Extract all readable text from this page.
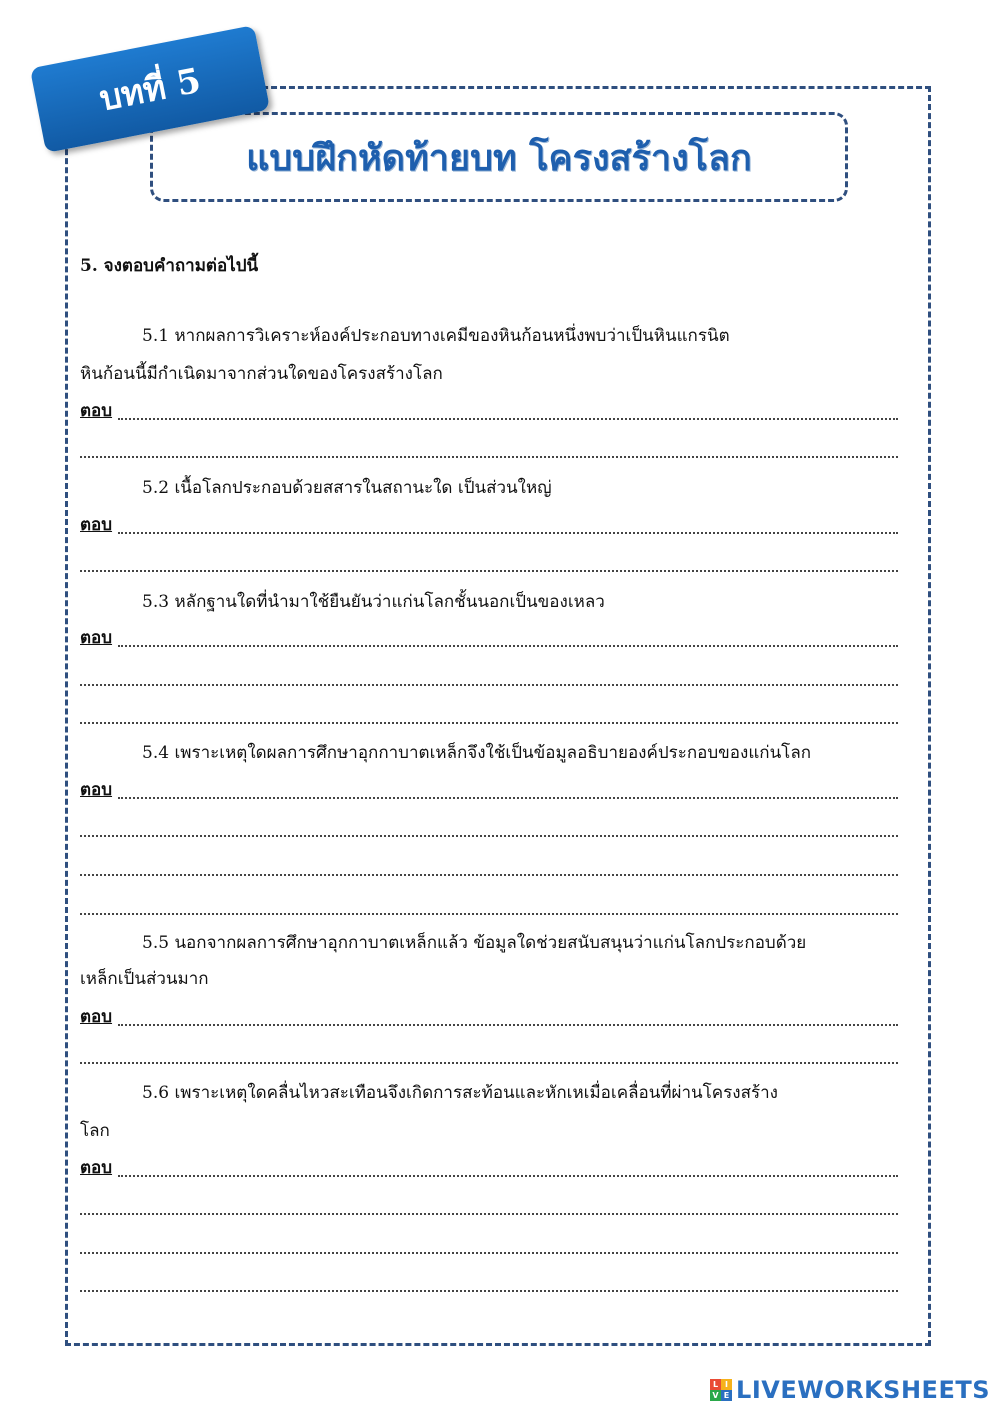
แบบฝึกหัดท้ายบท โครงสร้างโลก
บทที่ 5
5. จงตอบคำถามต่อไปนี้
5.1 หากผลการวิเคราะห์องค์ประกอบทางเคมีของหินก้อนหนึ่งพบว่าเป็นหินแกรนิต
หินก้อนนี้มีกำเนิดมาจากส่วนใดของโครงสร้างโลก
ตอบ
5.2 เนื้อโลกประกอบด้วยสสารในสถานะใด เป็นส่วนใหญ่
ตอบ
5.3 หลักฐานใดที่นำมาใช้ยืนยันว่าแก่นโลกชั้นนอกเป็นของเหลว
ตอบ
5.4 เพราะเหตุใดผลการศึกษาอุกกาบาตเหล็กจึงใช้เป็นข้อมูลอธิบายองค์ประกอบของแก่นโลก
ตอบ
5.5 นอกจากผลการศึกษาอุกกาบาตเหล็กแล้ว ข้อมูลใดช่วยสนับสนุนว่าแก่นโลกประกอบด้วย
เหล็กเป็นส่วนมาก
ตอบ
5.6 เพราะเหตุใดคลื่นไหวสะเทือนจึงเกิดการสะท้อนและหักเหเมื่อเคลื่อนที่ผ่านโครงสร้าง
โลก
ตอบ
L I
V E LIVEWORKSHEETS
